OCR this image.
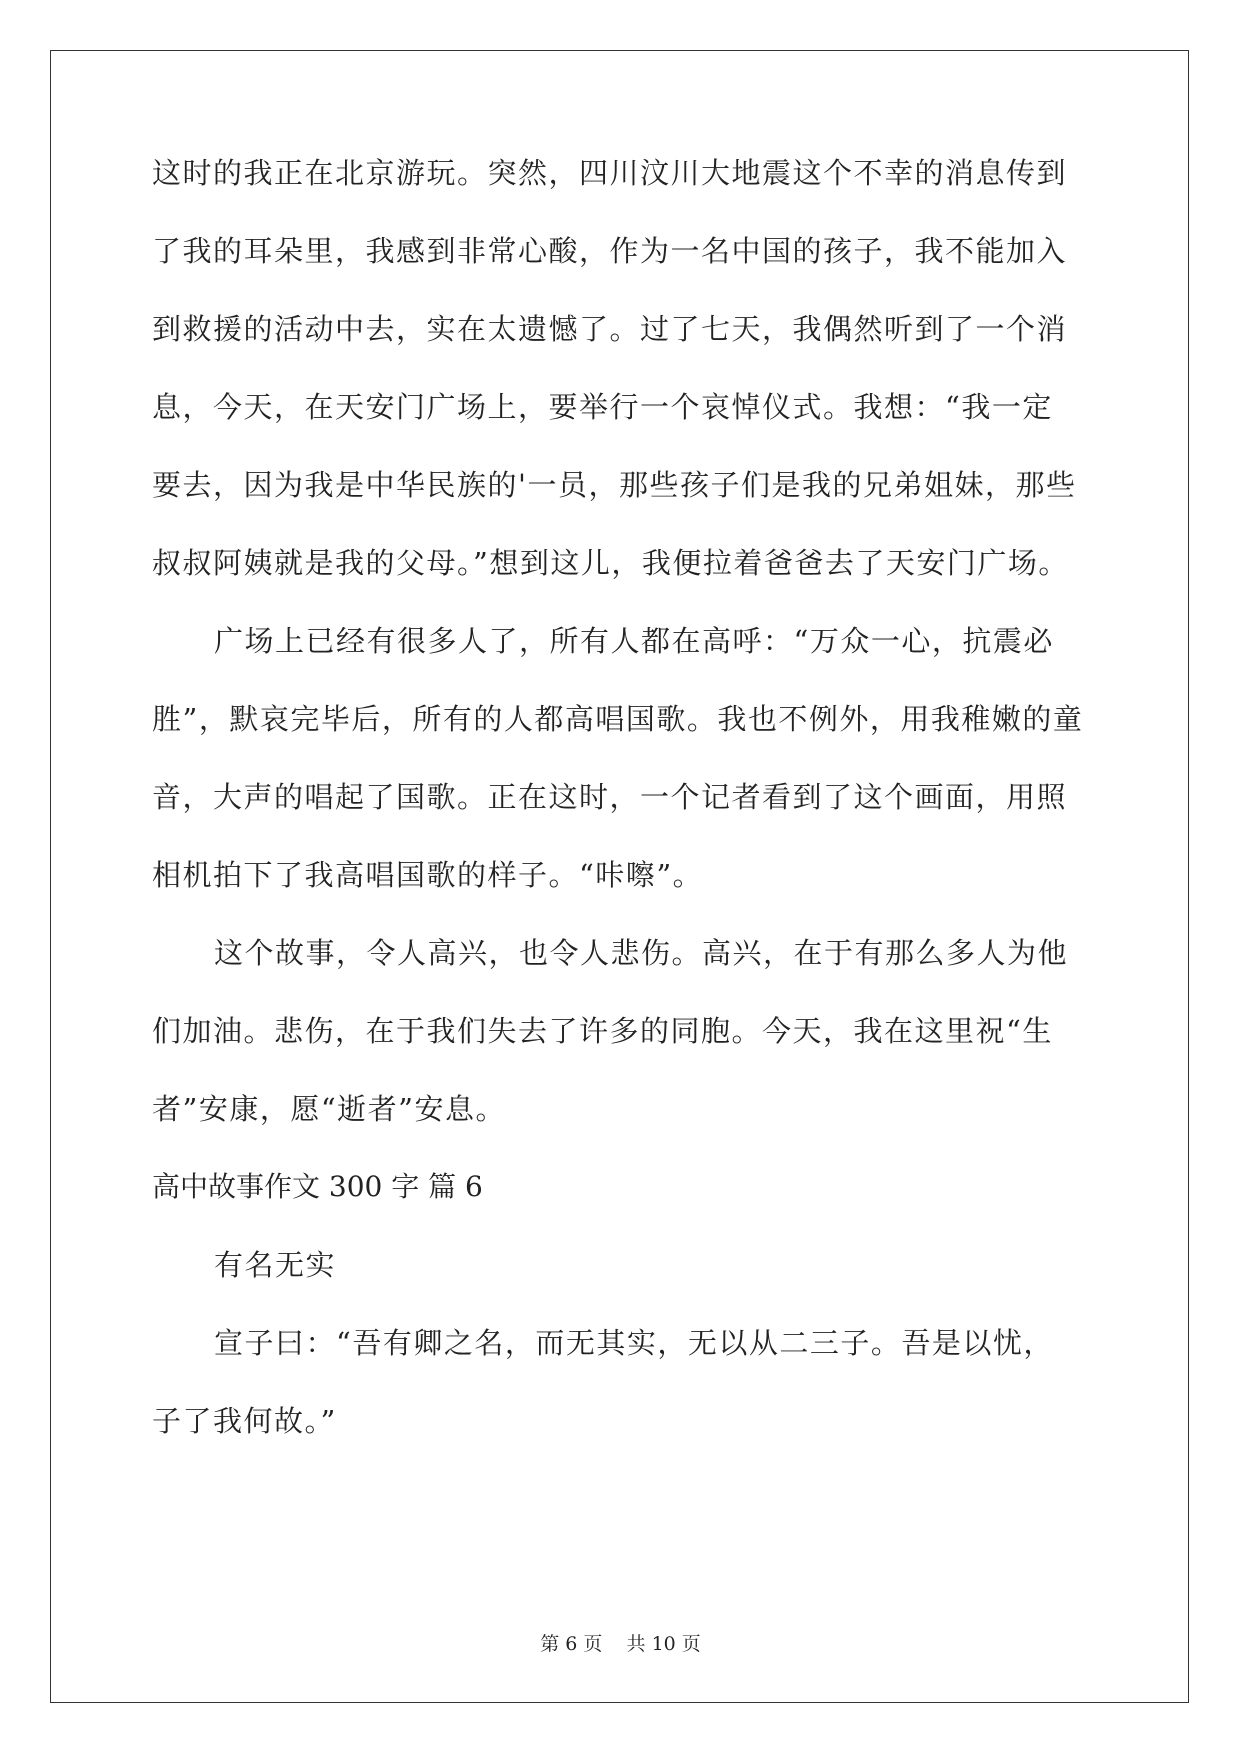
这时的我正在北京游玩。突然，四川汶川大地震这个不幸的消息传到
了我的耳朵里，我感到非常心酸，作为一名中国的孩子，我不能加入
到救援的活动中去，实在太遗憾了。过了七天，我偶然听到了一个消
息，今天，在天安门广场上，要举行一个哀悼仪式。我想：“我一定
要去，因为我是中华民族的'一员，那些孩子们是我的兄弟姐妹，那些
叔叔阿姨就是我的父母。”想到这儿，我便拉着爸爸去了天安门广场。
广场上已经有很多人了，所有人都在高呼：“万众一心，抗震必
胜”，默哀完毕后，所有的人都高唱国歌。我也不例外，用我稚嫩的童
音，大声的唱起了国歌。正在这时，一个记者看到了这个画面，用照
相机拍下了我高唱国歌的样子。“咔嚓”。
这个故事，令人高兴，也令人悲伤。高兴，在于有那么多人为他
们加油。悲伤，在于我们失去了许多的同胞。今天，我在这里祝“生
者”安康，愿“逝者”安息。
高中故事作文 300 字 篇 6
有名无实
宣子曰：“吾有卿之名，而无其实，无以从二三子。吾是以忧，
子了我何故。”
第 6 页    共 10 页
